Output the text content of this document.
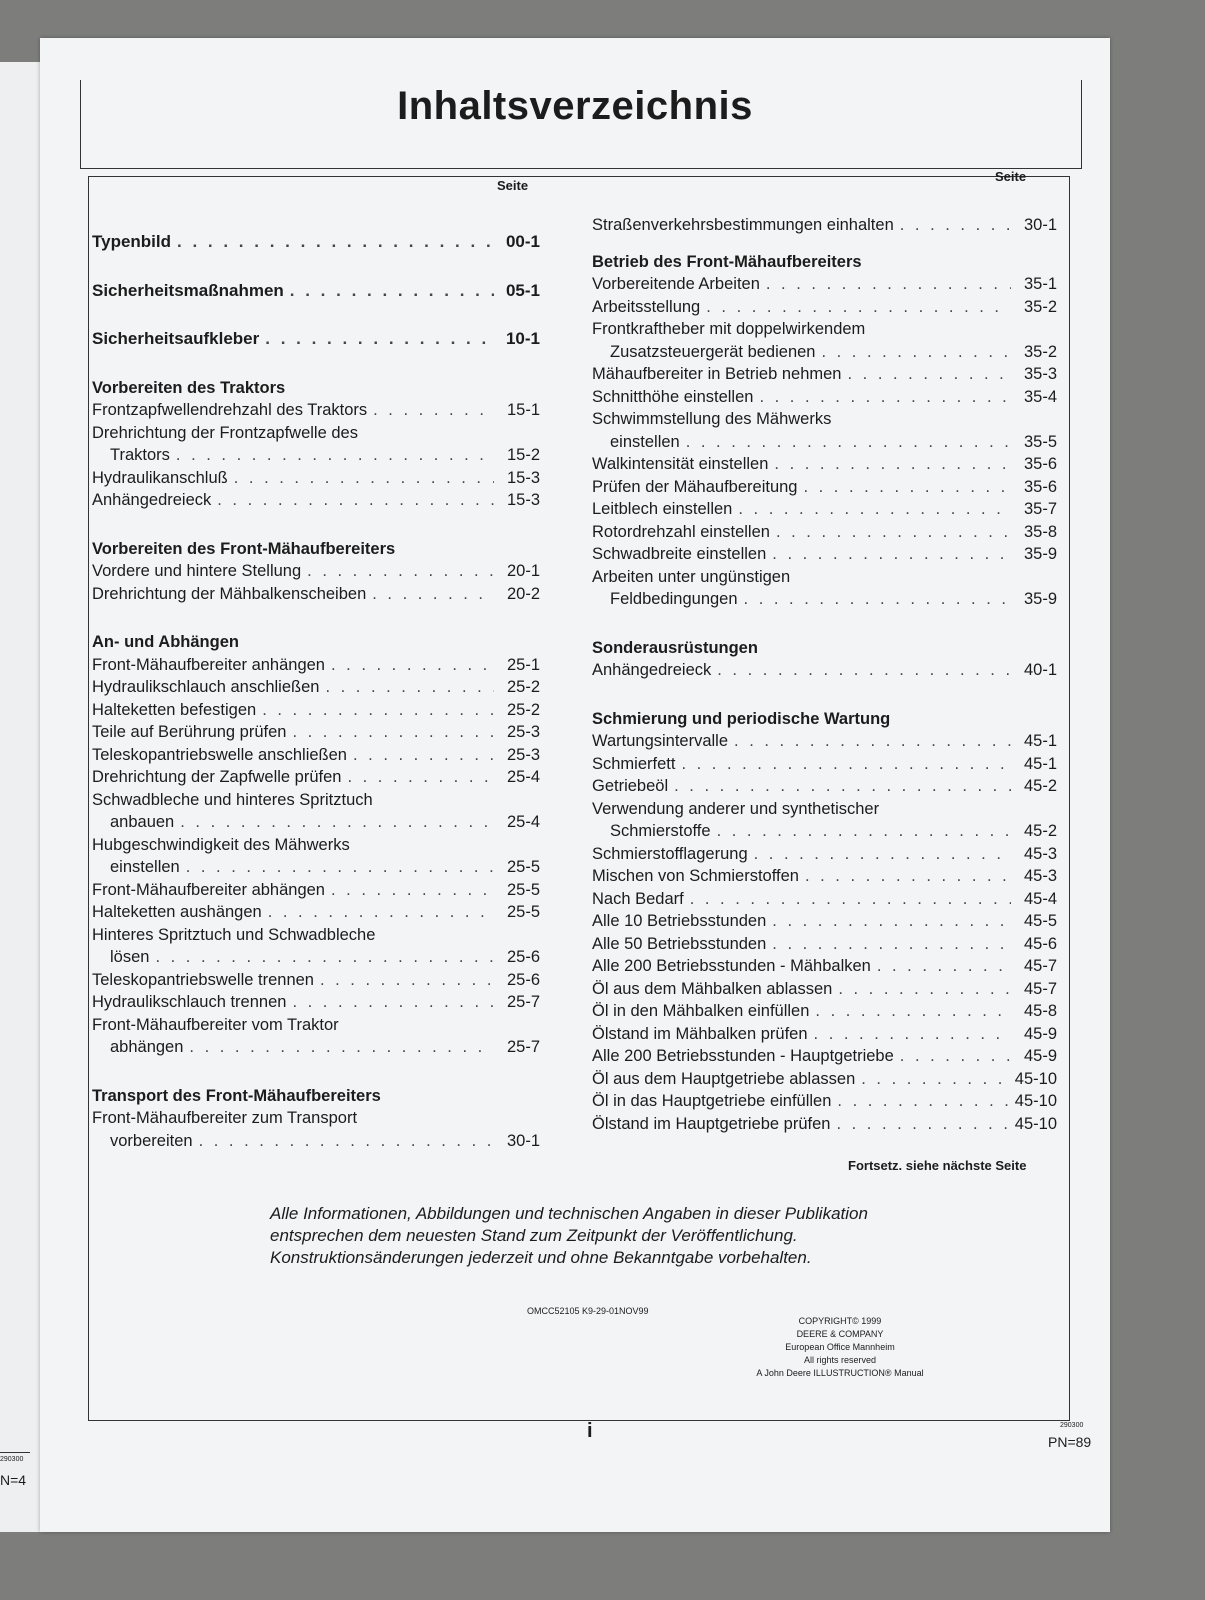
290300
N=4
Inhaltsverzeichnis
Seite
Seite
Typenbild . . .	00-1
Sicherheitsmaßnahmen . . .	05-1
Sicherheitsaufkleber . . .	10-1
Vorbereiten des Traktors
Frontzapfwellendrehzahl des Traktors . . .	15-1
Drehrichtung der Frontzapfwelle des
Traktors . . .	15-2
Hydraulikanschluß . . .	15-3
Anhängedreieck . . .	15-3
Vorbereiten des Front-Mähaufbereiters
Vordere und hintere Stellung . . .	20-1
Drehrichtung der Mähbalkenscheiben . . .	20-2
An- und Abhängen
Front-Mähaufbereiter anhängen . . .	25-1
Hydraulikschlauch anschließen . . .	25-2
Halteketten befestigen . . .	25-2
Teile auf Berührung prüfen . . .	25-3
Teleskopantriebswelle anschließen . . .	25-3
Drehrichtung der Zapfwelle prüfen . . .	25-4
Schwadbleche und hinteres Spritztuch
anbauen . . .	25-4
Hubgeschwindigkeit des Mähwerks
einstellen . . .	25-5
Front-Mähaufbereiter abhängen . . .	25-5
Halteketten aushängen . . .	25-5
Hinteres Spritztuch und Schwadbleche
lösen . . .	25-6
Teleskopantriebswelle trennen . . .	25-6
Hydraulikschlauch trennen . . .	25-7
Front-Mähaufbereiter vom Traktor
abhängen . . .	25-7
Transport des Front-Mähaufbereiters
Front-Mähaufbereiter zum Transport
vorbereiten . . .	30-1
Straßenverkehrsbestimmungen einhalten . . .	30-1
Betrieb des Front-Mähaufbereiters
Vorbereitende Arbeiten . . .	35-1
Arbeitsstellung . . .	35-2
Frontkraftheber mit doppelwirkendem
Zusatzsteuergerät bedienen . . .	35-2
Mähaufbereiter in Betrieb nehmen . . .	35-3
Schnitthöhe einstellen . . .	35-4
Schwimmstellung des Mähwerks
einstellen . . .	35-5
Walkintensität einstellen . . .	35-6
Prüfen der Mähaufbereitung . . .	35-6
Leitblech einstellen . . .	35-7
Rotordrehzahl einstellen . . .	35-8
Schwadbreite einstellen . . .	35-9
Arbeiten unter ungünstigen
Feldbedingungen . . .	35-9
Sonderausrüstungen
Anhängedreieck . . .	40-1
Schmierung und periodische Wartung
Wartungsintervalle . . .	45-1
Schmierfett . . .	45-1
Getriebeöl . . .	45-2
Verwendung anderer und synthetischer
Schmierstoffe . . .	45-2
Schmierstofflagerung . . .	45-3
Mischen von Schmierstoffen . . .	45-3
Nach Bedarf . . .	45-4
Alle 10 Betriebsstunden . . .	45-5
Alle 50 Betriebsstunden . . .	45-6
Alle 200 Betriebsstunden - Mähbalken . . .	45-7
Öl aus dem Mähbalken ablassen . . .	45-7
Öl in den Mähbalken einfüllen . . .	45-8
Ölstand im Mähbalken prüfen . . .	45-9
Alle 200 Betriebsstunden - Hauptgetriebe . . .	45-9
Öl aus dem Hauptgetriebe ablassen . . .	45-10
Öl in das Hauptgetriebe einfüllen . . .	45-10
Ölstand im Hauptgetriebe prüfen . . .	45-10
Fortsetz. siehe nächste Seite
Alle Informationen, Abbildungen und technischen Angaben in dieser Publikation entsprechen dem neuesten Stand zum Zeitpunkt der Veröffentlichung. Konstruktionsänderungen jederzeit und ohne Bekanntgabe vorbehalten.
OMCC52105 K9-29-01NOV99
COPYRIGHT© 1999
DEERE & COMPANY
European Office Mannheim
All rights reserved
A John Deere ILLUSTRUCTION® Manual
i	290300
PN=89
